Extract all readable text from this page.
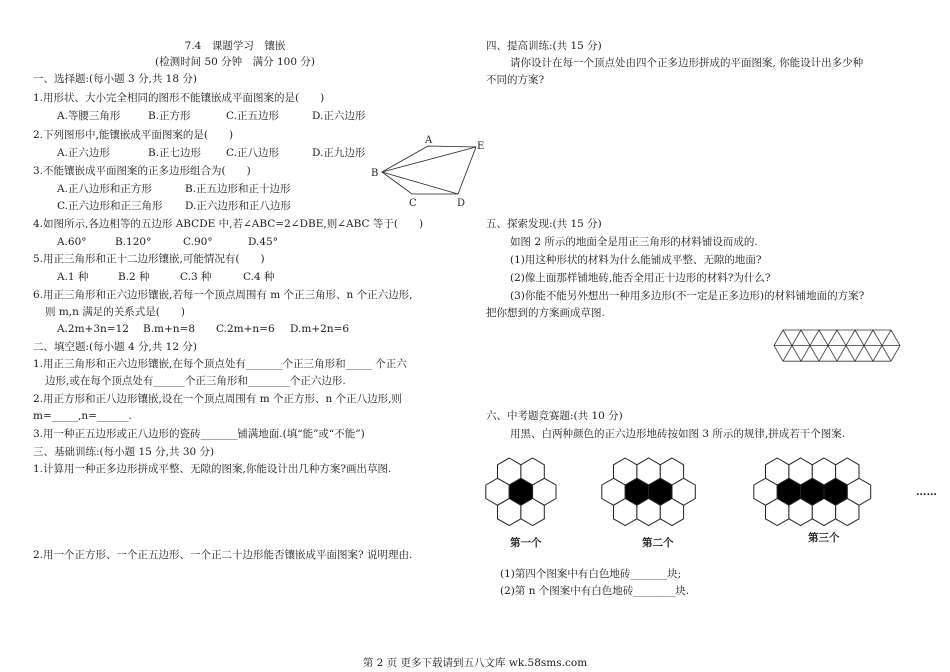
7.4　课题学习　镶嵌
(检测时间 50 分钟　满分 100 分)
一、选择题:(每小题 3 分,共 18 分)
1.用形状、大小完全相同的图形不能镶嵌成平面图案的是(　　)
A.等腰三角形	B.正方形	C.正五边形	D.正六边形
2.下列图形中,能镶嵌成平面图案的是(　　)
A.正六边形	B.正七边形 C.正八边形	D.正九边形
3.不能镶嵌成平面图案的正多边形组合为(　　)
A.正八边形和正方形	B.正五边形和正十边形
C.正六边形和正三角形 D.正六边形和正八边形
4.如图所示,各边相等的五边形 ABCDE 中,若∠ABC=2∠DBE,则∠ABC 等于(　　)
A.60°	B.120°	C.90°	D.45°
5.用正三角形和正十二边形镶嵌,可能情况有(　　)
A.1 种	B.2 种	C.3 种	C.4 种
6.用正三角形和正六边形镶嵌,若每一个顶点周围有 m 个正三角形、n 个正六边形,
则 m,n 满足的关系式是(　　)
A.2m+3n=12 B.m+n=8 C.2m+n=6 D.m+2n=6
A
B
C	D
E
二、填空题:(每小题 4 分,共 12 分)
1.用正三角形和正六边形镶嵌,在每个顶点处有_______个正三角形和_____ 个正六
边形,或在每个顶点处有______个正三角形和________个正六边形.
2.用正方形和正八边形镶嵌,设在一个顶点周围有 m 个正方形、n 个正八边形,则
m=_____,n=______.
3.用一种正五边形或正八边形的瓷砖_______铺满地面.(填“能”或“不能”)
三、基础训练:(每小题 15 分,共 30 分)
1.计算用一种正多边形拼成平整、无隙的图案,你能设计出几种方案?画出草图.
2.用一个正方形、一个正五边形、一个正二十边形能否镶嵌成平面图案? 说明理由.
四、提高训练:(共 15 分)
请你设计在每一个顶点处由四个正多边形拼成的平面图案, 你能设计出多少种
不同的方案?
五、探索发现:(共 15 分)
如图 2 所示的地面全是用正三角形的材料铺设而成的.
(1)用这种形状的材料为什么能铺成平整、无隙的地面?
(2)像上面那样铺地砖,能否全用正十边形的材料?为什么?
(3)你能不能另外想出一种用多边形(不一定是正多边形)的材料铺地面的方案?
把你想到的方案画成草图.
六、中考题竞赛题:(共 10 分)
用黑、白两种颜色的正六边形地砖按如图 3 所示的规律,拼成若干个图案.
第一个	第二个	第三个
……
(1)第四个图案中有白色地砖_______块;
(2)第 n 个图案中有白色地砖________块.
第 2 页 更多下载请到五八文库 wk.58sms.com
